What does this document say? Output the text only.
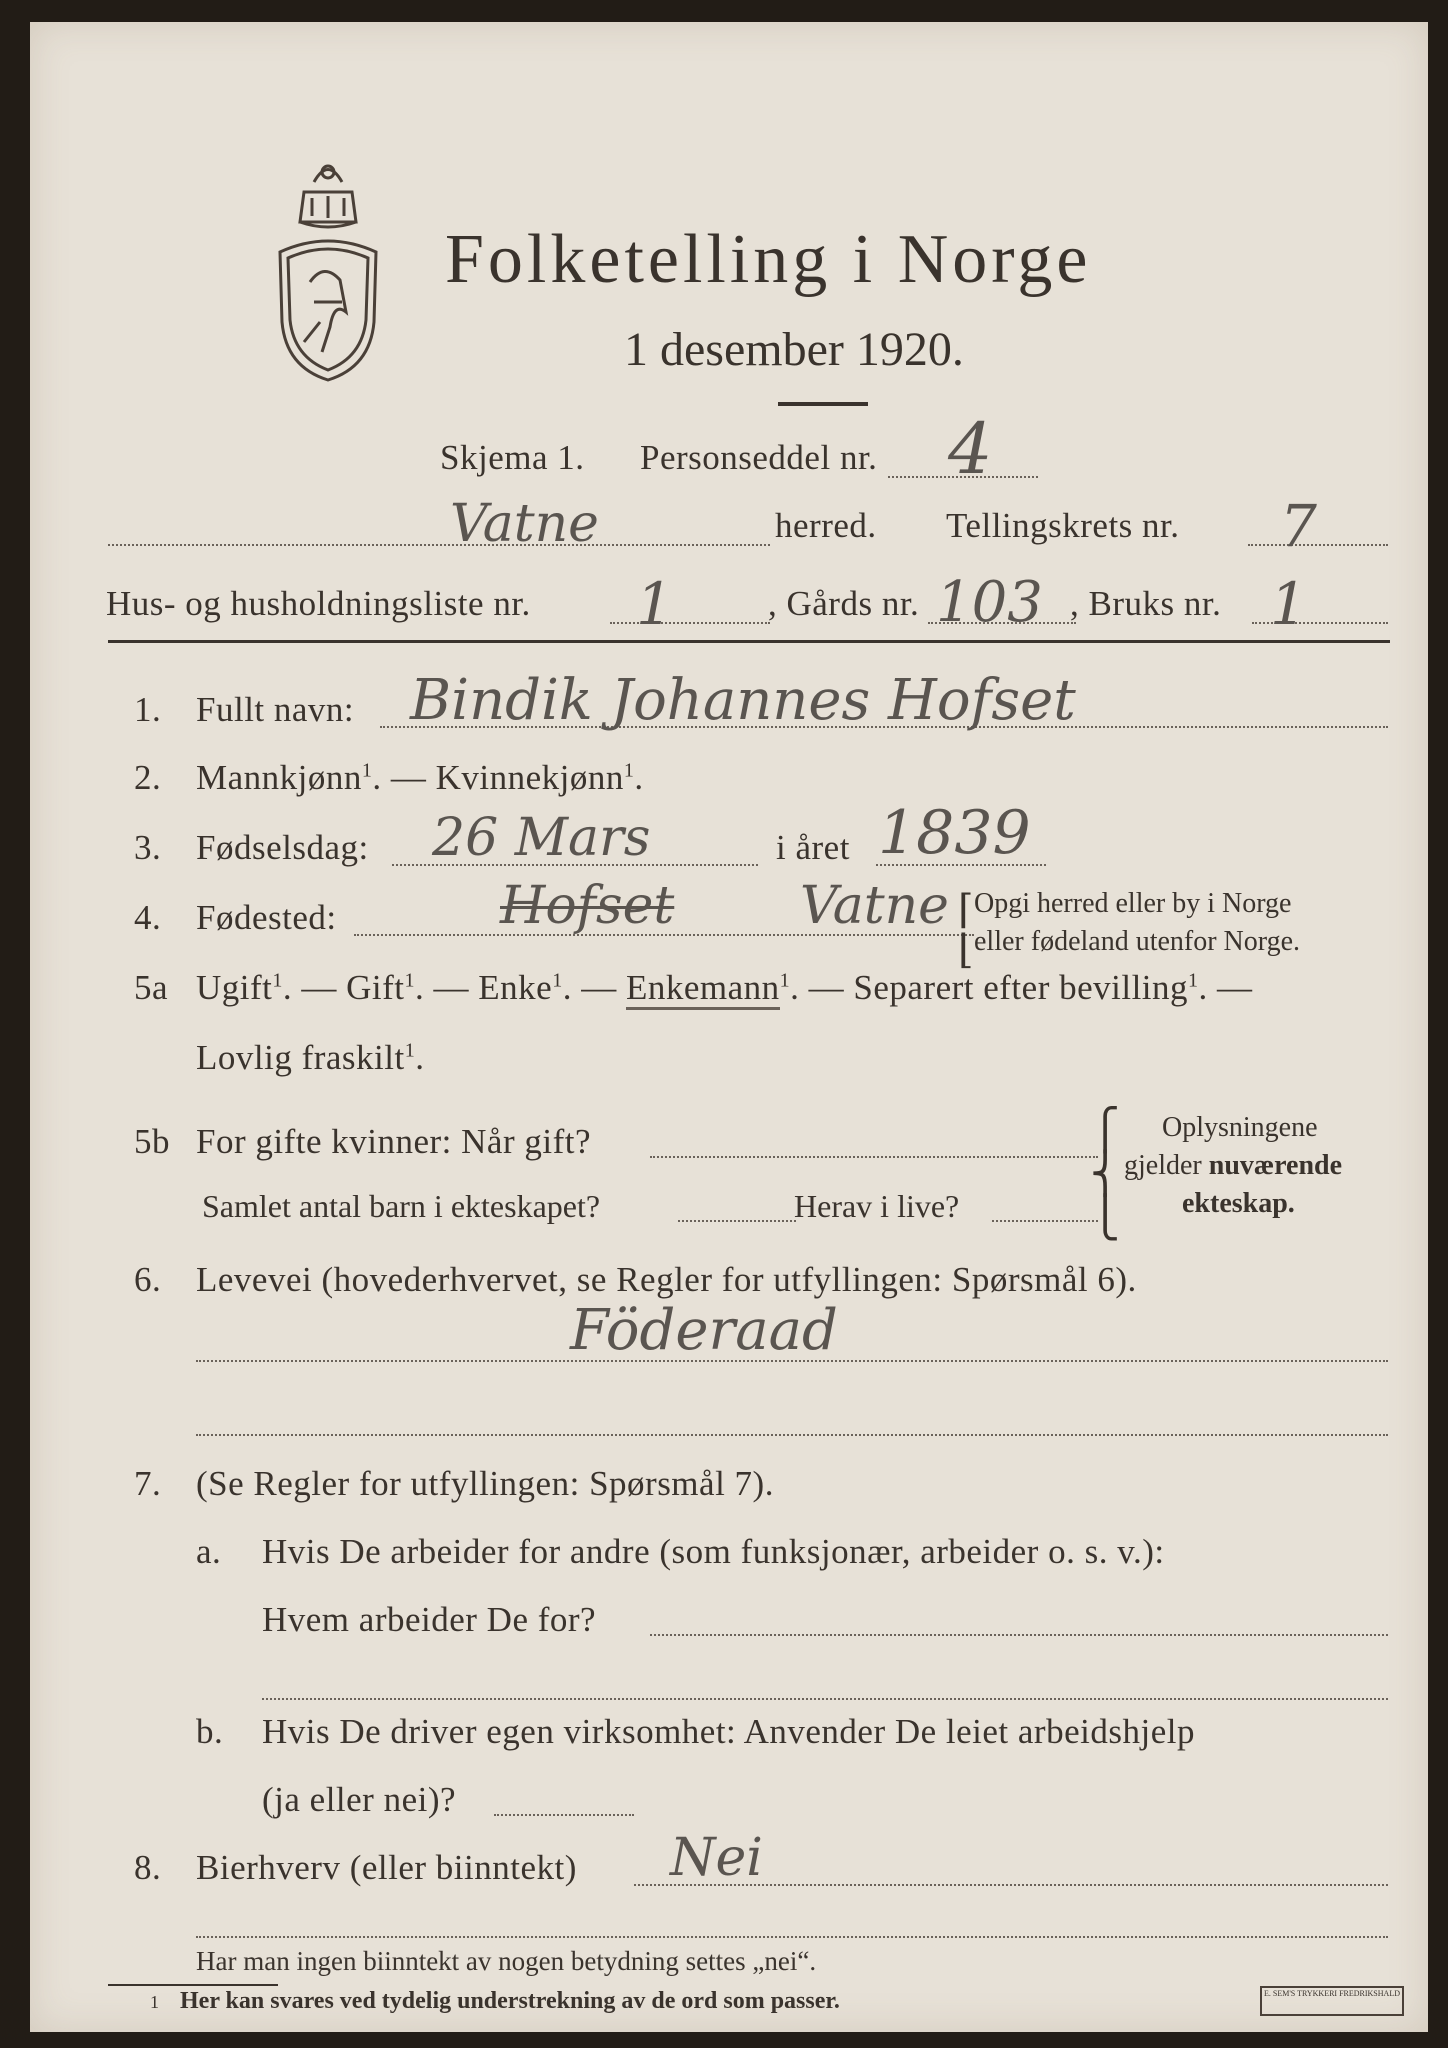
Folketelling i Norge
1 desember 1920.
Skjema 1. Personseddel nr. 4
Vatne	herred. Tellingskrets nr. 7
Hus- og husholdningsliste nr. 1	, Gårds nr. 103 , Bruks nr. 1
1. Fullt navn: Bindik Johannes Hofset
2. Mannkjønn$^1$. — Kvinnekjønn$^1$.
3. Fødselsdag: 26 Mars	i året 1839
4. Fødested:	Hofset Vatne ⌈
⌊
Opgi herred eller by i Norge
eller fødeland utenfor Norge.
5a Ugift$^1$. — Gift$^1$. — Enke$^1$. — Enkemann$^1$. — Separert efter bevilling$^1$. —
Lovlig fraskilt$^1$.
5b For gifte kvinner: Når gift?
Samlet antal barn i ekteskapet?	Herav i live?
⎧
⎨
⎩
Oplysningene
gjelder nuværende
ekteskap.
6. Levevei (hovederhvervet, se Regler for utfyllingen: Spørsmål 6).
Föderaad
7. (Se Regler for utfyllingen: Spørsmål 7).
a. Hvis De arbeider for andre (som funksjonær, arbeider o. s. v.):
Hvem arbeider De for?
b. Hvis De driver egen virksomhet: Anvender De leiet arbeidshjelp
(ja eller nei)?
8. Bierhverv (eller biinntekt) Nei
Har man ingen biinntekt av nogen betydning settes „nei“.
1 Her kan svares ved tydelig understrekning av de ord som passer.	E. SEM'S TRYKKERI FREDRIKSHALD
